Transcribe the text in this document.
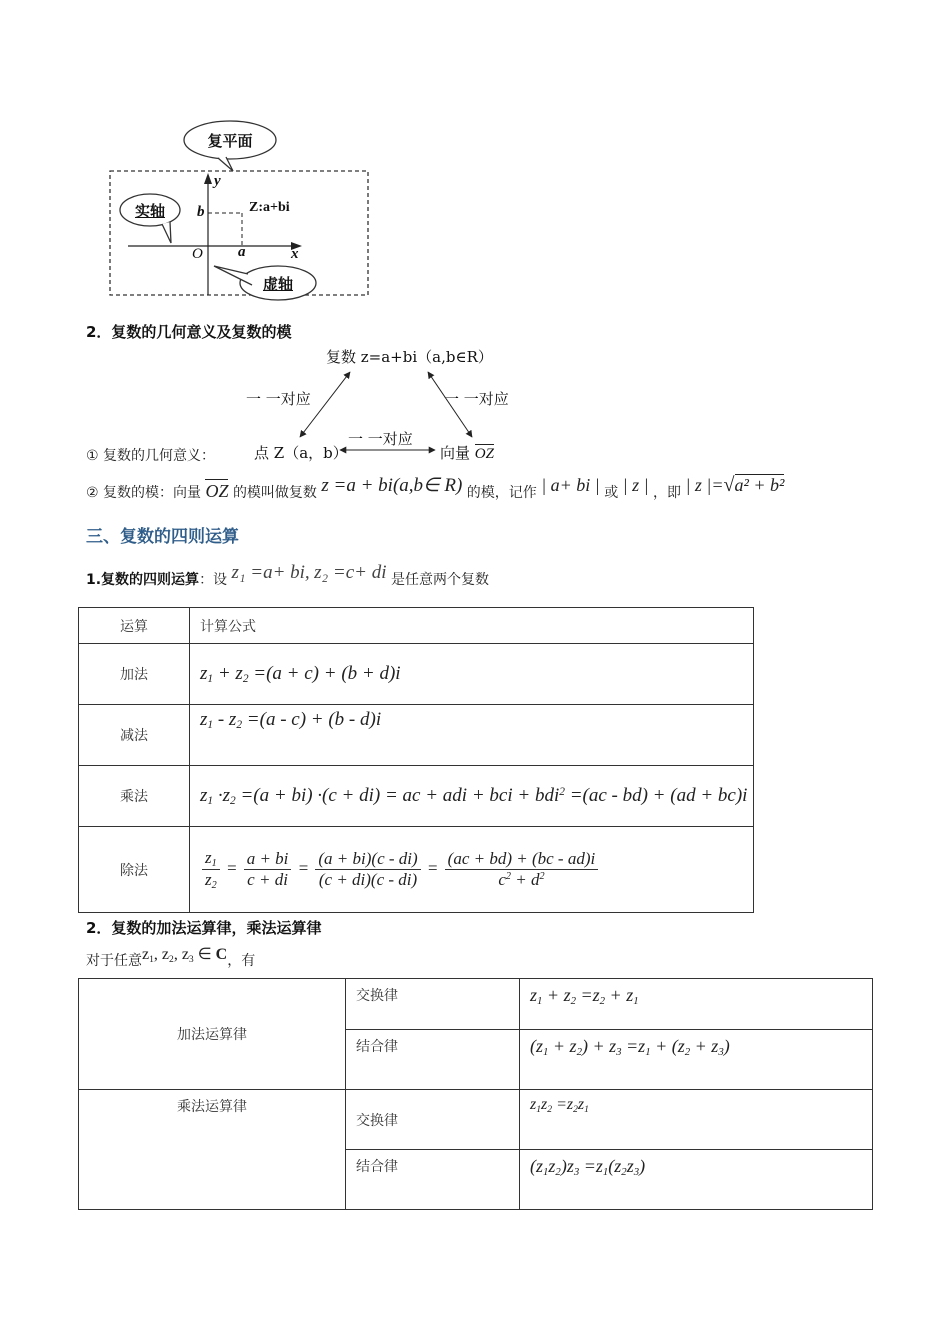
复平面
实轴
虚轴
y
x
O
b
a
Z:a+bi
2．复数的几何意义及复数的模
复数 z=a+bi（a,b∈R）
一 一对应	一 一对应
一 一对应
点 Z（a，b）	向量 OZ
① 复数的几何意义：
② 复数的模：向量 OZ 的模叫做复数 z =a + bi(a,b∈ R) 的模，记作 | a+ bi | 或 | z | ，即 | z |=√a² + b²
三、复数的四则运算
1.复数的四则运算：设 z₁ =a+ bi, z₂ =c+ di 是任意两个复数
运算	计算公式
加法	$z_1 + z_2 =(a + c) + (b + d)i$
减法	$z_1 - z_2 =(a - c) + (b - d)i$
乘法	$z_1 \cdot z_2 =(a + bi) \cdot(c + di)$ = ac + adi + bci + bdi$^2$ =(ac - bd) + (ad + bc)i
除法	$\frac{z_1}{z_2} = \frac{a + bi}{c + di} = \frac{(a + bi)(c - di)}{(c + di)(c - di)} = \frac{(ac + bd) + (bc - ad)i}{c^2 + d^2}$
2．复数的加法运算律，乘法运算律
对于任意$z_1$, $z_2$, $z_3$ ∈ C，有
加法运算律	交换律	$z_1 + z_2 =z_2 + z_1$
	结合律	$(z_1 + z_2) + z_3 =z_1 + (z_2 + z_3)$
乘法运算律	交换律	$z_1z_2 =z_2z_1$
	结合律	$(z_1z_2)z_3 =z_1(z_2z_3)$
